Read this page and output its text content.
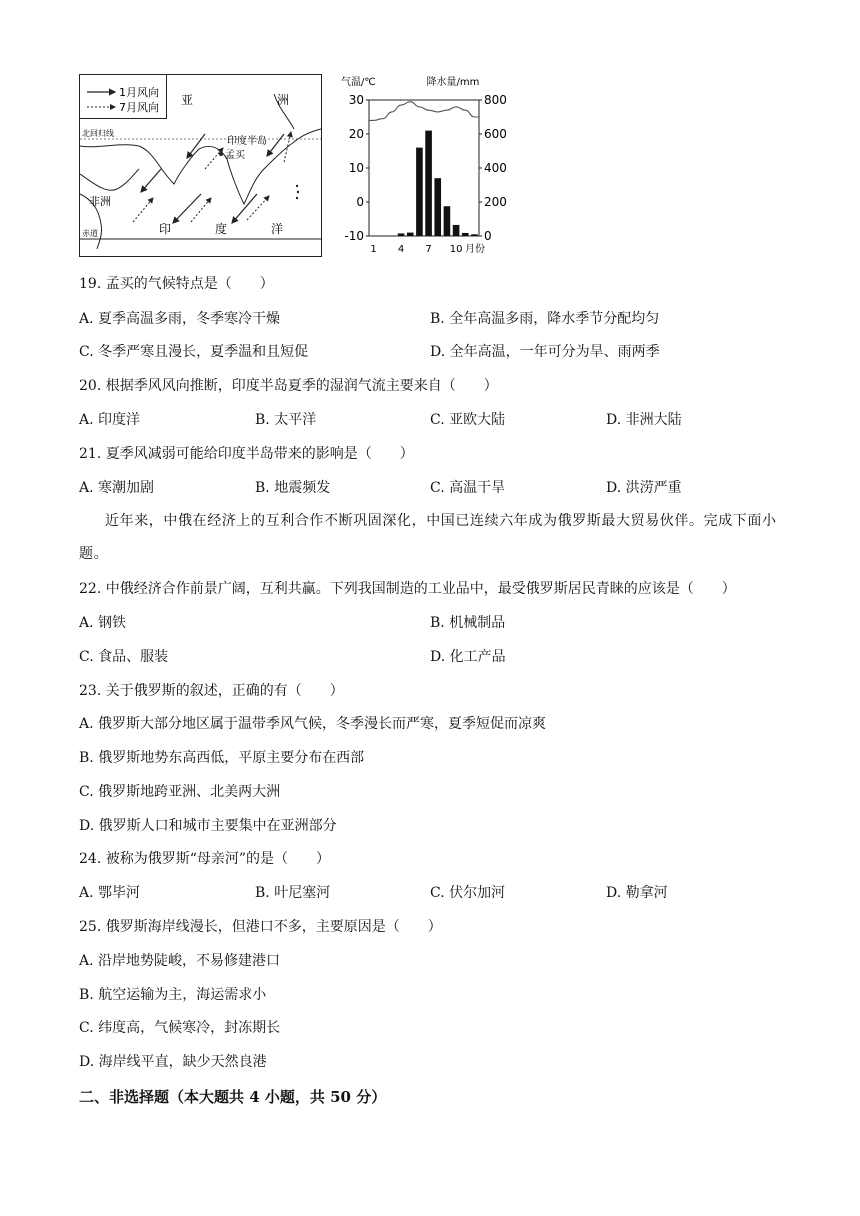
1月风向
7月风向
北回归线
赤道
亚	洲
印度半岛
孟买
非洲
印	度	洋
气温/℃	降水量/mm
30
20
10
0
-10
800
600
400
200
0
1 4 7 10 月份
19. 孟买的气候特点是（　　）
A. 夏季高温多雨，冬季寒冷干燥	B. 全年高温多雨，降水季节分配均匀
C. 冬季严寒且漫长，夏季温和且短促	D. 全年高温，一年可分为旱、雨两季
20. 根据季风风向推断，印度半岛夏季的湿润气流主要来自（　　）
A. 印度洋	B. 太平洋	C. 亚欧大陆	D. 非洲大陆
21. 夏季风减弱可能给印度半岛带来的影响是（　　）
A. 寒潮加剧	B. 地震频发	C. 高温干旱	D. 洪涝严重
近年来，中俄在经济上的互利合作不断巩固深化，中国已连续六年成为俄罗斯最大贸易伙伴。完成下面小题。
22. 中俄经济合作前景广阔，互利共赢。下列我国制造的工业品中，最受俄罗斯居民青睐的应该是（　　）
A. 钢铁	B. 机械制品
C. 食品、服装	D. 化工产品
23. 关于俄罗斯的叙述，正确的有（　　）
A. 俄罗斯大部分地区属于温带季风气候，冬季漫长而严寒，夏季短促而凉爽
B. 俄罗斯地势东高西低，平原主要分布在西部
C. 俄罗斯地跨亚洲、北美两大洲
D. 俄罗斯人口和城市主要集中在亚洲部分
24. 被称为俄罗斯“母亲河”的是（　　）
A. 鄂毕河	B. 叶尼塞河	C. 伏尔加河	D. 勒拿河
25. 俄罗斯海岸线漫长，但港口不多，主要原因是（　　）
A. 沿岸地势陡峻，不易修建港口
B. 航空运输为主，海运需求小
C. 纬度高，气候寒冷，封冻期长
D. 海岸线平直，缺少天然良港
二、非选择题（本大题共 4 小题，共 50 分）
